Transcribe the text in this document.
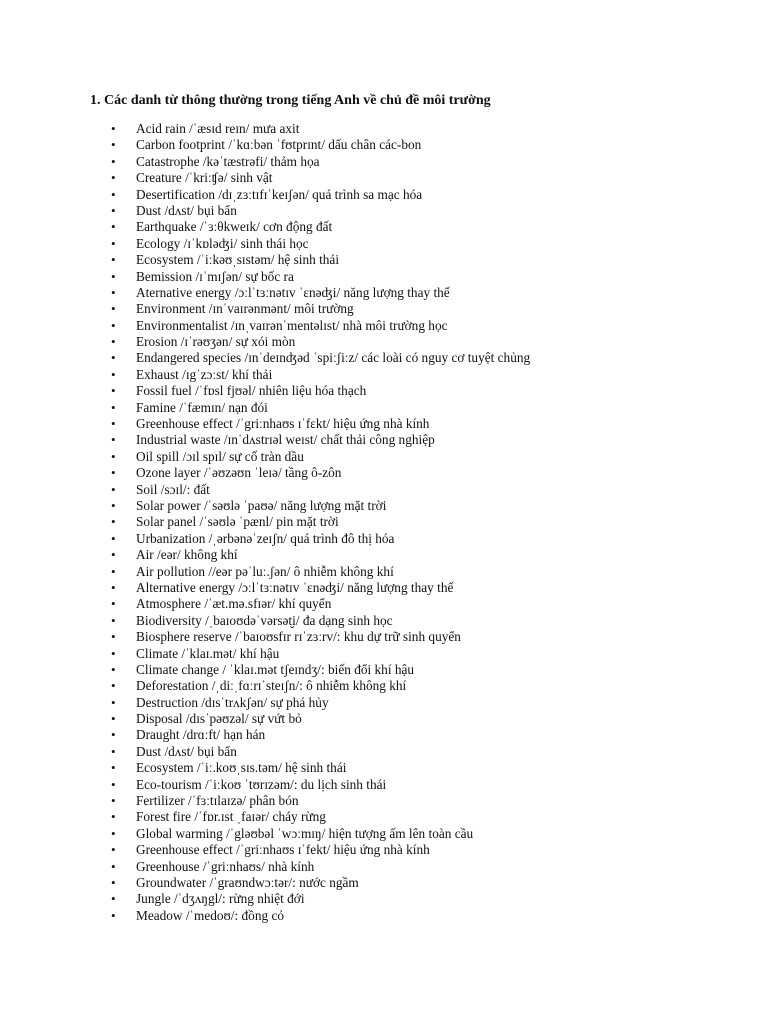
1. Các danh từ thông thường trong tiếng Anh về chủ đề môi trường
• Acid rain /ˈæsɪd reɪn/ mưa axit
• Carbon footprint /ˈkɑːbən ˈfʊtprɪnt/ dấu chân các-bon
• Catastrophe /kəˈtæstrəfi/ thảm họa
• Creature /ˈkriːʧə/ sinh vật
• Desertification /dɪˌzɜːtɪfɪˈkeɪʃən/ quá trình sa mạc hóa
• Dust /dʌst/ bụi bẩn
• Earthquake /ˈɜːθkweɪk/ cơn động đất
• Ecology /ɪˈkɒləʤi/ sinh thái học
• Ecosystem /ˈiːkəʊˌsɪstəm/ hệ sinh thái
• Bemission /ɪˈmɪʃən/ sự bốc ra
• Aternative energy /ɔːlˈtɜːnətɪv ˈɛnəʤi/ năng lượng thay thế
• Environment /ɪnˈvaɪrənmənt/ môi trường
• Environmentalist /ɪnˌvaɪrənˈmentəlɪst/ nhà môi trường học
• Erosion /ɪˈrəʊʒən/ sự xói mòn
• Endangered species /ɪnˈdeɪnʤəd ˈspiːʃiːz/ các loài có nguy cơ tuyệt chủng
• Exhaust /ɪgˈzɔːst/ khí thải
• Fossil fuel /ˈfɒsl fjʊəl/ nhiên liệu hóa thạch
• Famine /ˈfæmɪn/ nạn đói
• Greenhouse effect /ˈgriːnhaʊs ɪˈfɛkt/ hiệu ứng nhà kính
• Industrial waste /ɪnˈdʌstrɪəl weɪst/ chất thải công nghiệp
• Oil spill /ɔɪl spɪl/ sự cố tràn dầu
• Ozone layer /ˈəʊzəʊn ˈleɪə/ tầng ô-zôn
• Soil /sɔɪl/: đất
• Solar power /ˈsəʊlə ˈpaʊə/ năng lượng mặt trời
• Solar panel /ˈsəʊlə ˈpænl/ pin mặt trời
• Urbanization /ˌərbənəˈzeɪʃn/ quá trình đô thị hóa
• Air /eər/ không khí
• Air pollution //eər pəˈluː.ʃən/ ô nhiễm không khí
• Alternative energy /ɔːlˈtɜːnətɪv ˈɛnəʤi/ năng lượng thay thế
• Atmosphere /ˈæt.mə.sfɪər/ khí quyển
• Biodiversity /ˌbaɪoʊdəˈvərsət̬i/ đa dạng sinh học
• Biosphere reserve /ˈbaɪoʊsfɪr rɪˈzɜːrv/: khu dự trữ sinh quyển
• Climate /ˈklaɪ.mət/ khí hậu
• Climate change / ˈklaɪ.mət tʃeɪndʒ/: biến đổi khí hậu
• Deforestation /ˌdiːˌfɑːrɪˈsteɪʃn/: ô nhiễm không khí
• Destruction /dɪsˈtrʌkʃən/ sự phá hủy
• Disposal /dɪsˈpəʊzəl/ sự vứt bỏ
• Draught /drɑːft/ hạn hán
• Dust /dʌst/ bụi bẩn
• Ecosystem /ˈiː.koʊˌsɪs.təm/ hệ sinh thái
• Eco-tourism /ˈiːkoʊ ˈtʊrɪzəm/: du lịch sinh thái
• Fertilizer /ˈfɜːtɪlaɪzə/ phân bón
• Forest fire /ˈfɒr.ɪst ˌfaɪər/ cháy rừng
• Global warming /ˈgləʊbəl ˈwɔːmɪŋ/ hiện tượng ấm lên toàn cầu
• Greenhouse effect /ˈgriːnhaʊs ɪˈfekt/ hiệu ứng nhà kính
• Greenhouse /ˈgriːnhaʊs/ nhà kính
• Groundwater /ˈgraʊndwɔːtər/: nước ngầm
• Jungle /ˈdʒʌŋgl/: rừng nhiệt đới
• Meadow /ˈmedoʊ/: đồng cỏ
